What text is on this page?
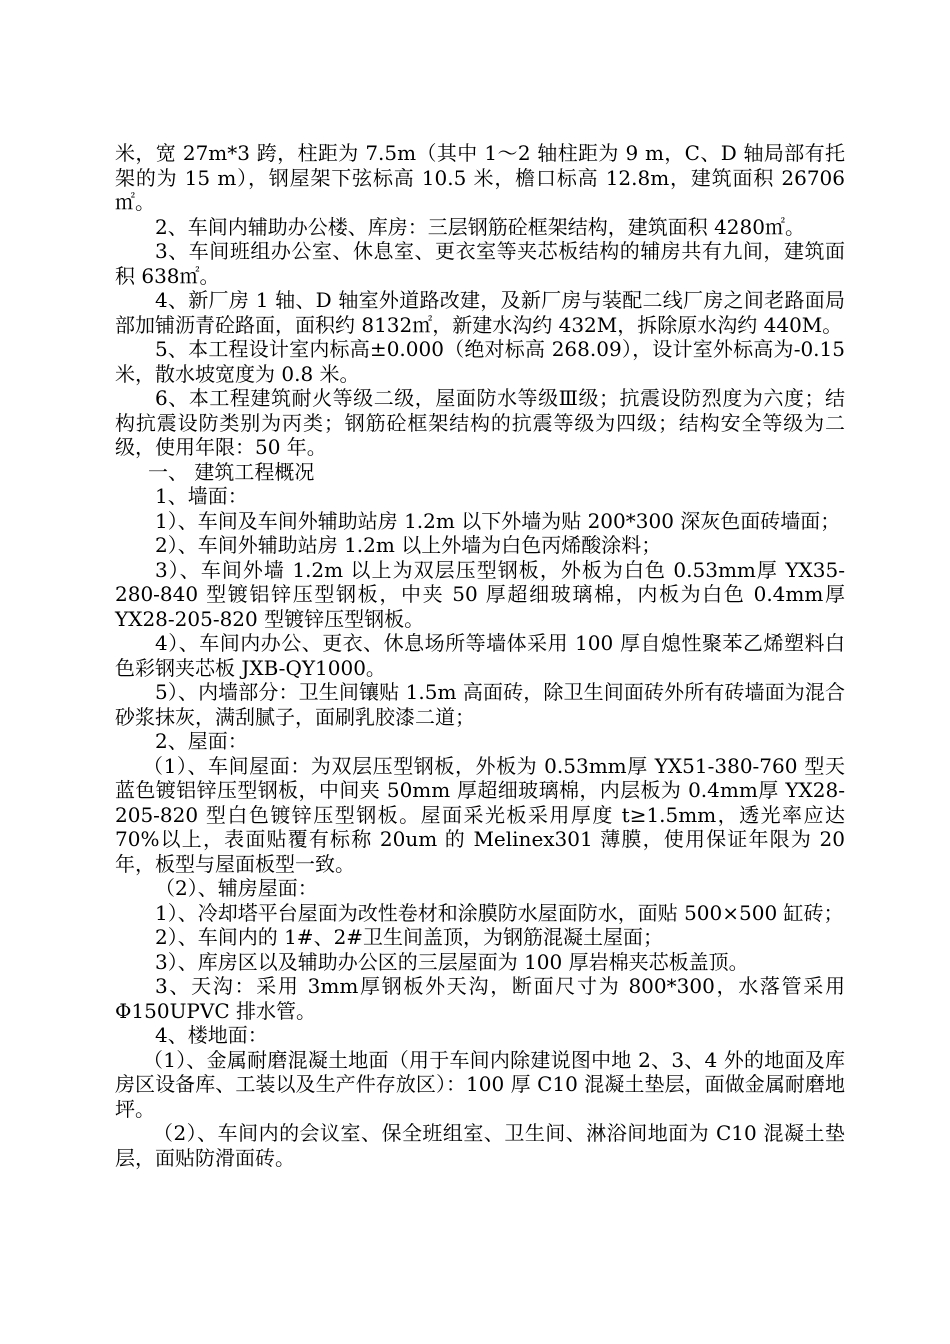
米，宽 27m*3 跨，柱距为 7.5m（其中 1～2 轴柱距为 9 m，C、D 轴局部有托架的为 15 m），钢屋架下弦标高 10.5 米，檐口标高 12.8m，建筑面积 26706㎡。

2、车间内辅助办公楼、库房：三层钢筋砼框架结构，建筑面积 4280㎡。

3、车间班组办公室、休息室、更衣室等夹芯板结构的辅房共有九间，建筑面积 638㎡。

4、新厂房 1 轴、D 轴室外道路改建，及新厂房与装配二线厂房之间老路面局部加铺沥青砼路面，面积约 8132㎡，新建水沟约 432M，拆除原水沟约 440M。

5、本工程设计室内标高±0.000（绝对标高 268.09），设计室外标高为-0.15 米，散水坡宽度为 0.8 米。

6、本工程建筑耐火等级二级，屋面防水等级Ⅲ级；抗震设防烈度为六度；结构抗震设防类别为丙类；钢筋砼框架结构的抗震等级为四级；结构安全等级为二级，使用年限：50 年。

一、 建筑工程概况

1、墙面：

1）、车间及车间外辅助站房 1.2m 以下外墙为贴 200*300 深灰色面砖墙面；

2）、车间外辅助站房 1.2m 以上外墙为白色丙烯酸涂料；

3）、车间外墙 1.2m 以上为双层压型钢板，外板为白色 0.53mm厚 YX35-280-840 型镀铝锌压型钢板，中夹 50 厚超细玻璃棉，内板为白色 0.4mm厚 YX28-205-820 型镀锌压型钢板。

4）、车间内办公、更衣、休息场所等墙体采用 100 厚自熄性聚苯乙烯塑料白色彩钢夹芯板 JXB-QY1000。

5）、内墙部分：卫生间镶贴 1.5m 高面砖，除卫生间面砖外所有砖墙面为混合砂浆抹灰，满刮腻子，面刷乳胶漆二道；

2、屋面：

（1）、车间屋面：为双层压型钢板，外板为 0.53mm厚 YX51-380-760 型天蓝色镀铝锌压型钢板，中间夹 50mm 厚超细玻璃棉，内层板为 0.4mm厚 YX28-205-820 型白色镀锌压型钢板。屋面采光板采用厚度 t≥1.5mm，透光率应达 70%以上，表面贴覆有标称 20um 的 Melinex301 薄膜，使用保证年限为 20 年，板型与屋面板型一致。

（2）、辅房屋面：

1）、冷却塔平台屋面为改性卷材和涂膜防水屋面防水，面贴 500×500 缸砖；

2）、车间内的 1#、2#卫生间盖顶，为钢筋混凝土屋面；

3）、库房区以及辅助办公区的三层屋面为 100 厚岩棉夹芯板盖顶。

3、天沟：采用 3mm厚钢板外天沟，断面尺寸为 800*300，水落管采用Φ150UPVC 排水管。

4、楼地面：

（1）、金属耐磨混凝土地面（用于车间内除建说图中地 2、3、4 外的地面及库房区设备库、工装以及生产件存放区）：100 厚 C10 混凝土垫层，面做金属耐磨地坪。

（2）、车间内的会议室、保全班组室、卫生间、淋浴间地面为 C10 混凝土垫层，面贴防滑面砖。
